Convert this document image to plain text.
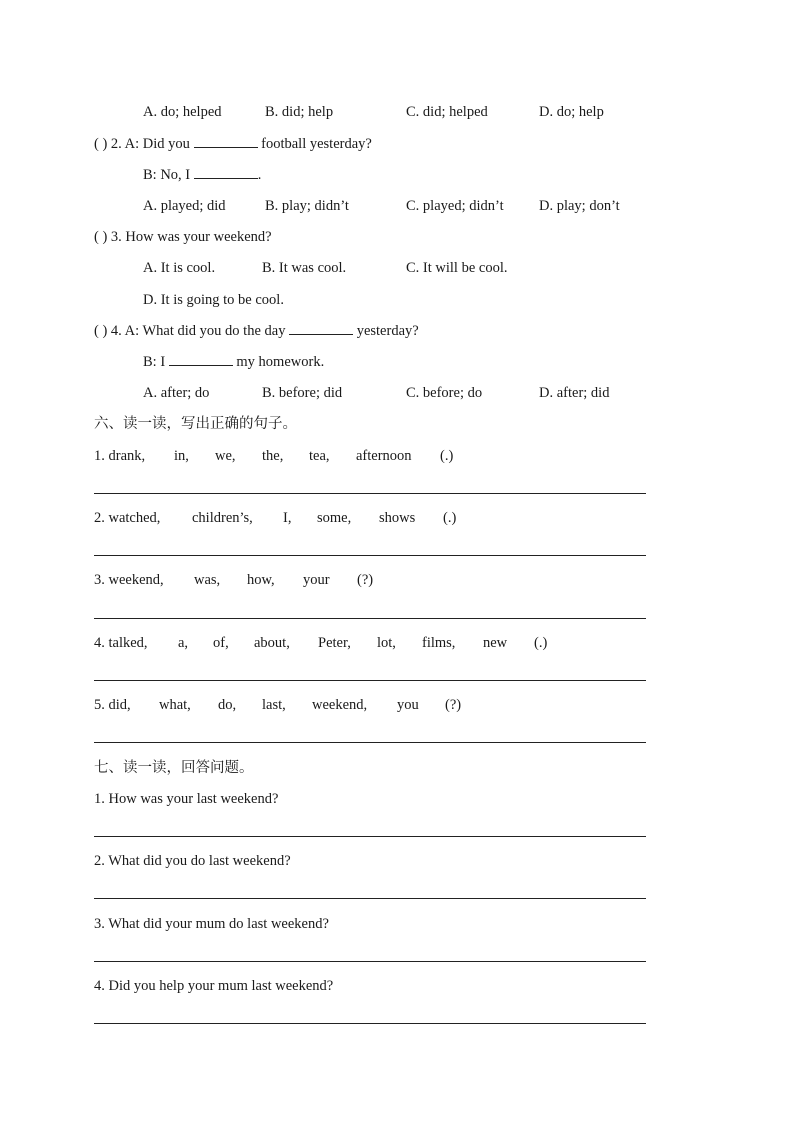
A. do; helped	B. did; help	C. did; helped	D. do; help
( ) 2. A: Did you	football yesterday?
B: No, I	.
A. played; did	B. play; didn’t	C. played; didn’t D. play; don’t
( ) 3. How was your weekend?
A. It is cool.	B. It was cool.	C. It will be cool.
D. It is going to be cool.
( ) 4. A: What did you do the day	yesterday?
B: I	my homework.
A. after; do	B. before; did	C. before; do	D. after; did
六、读一读，写出正确的句子。
1. drank, in, we, the, tea, afternoon (.)
2. watched, children’s, I, some, shows (.)
3. weekend, was, how, your (?)
4. talked, a, of, about, Peter, lot, films, new (.)
5. did, what, do, last, weekend, you (?)
七、读一读，回答问题。
1. How was your last weekend?
2. What did you do last weekend?
3. What did your mum do last weekend?
4. Did you help your mum last weekend?
